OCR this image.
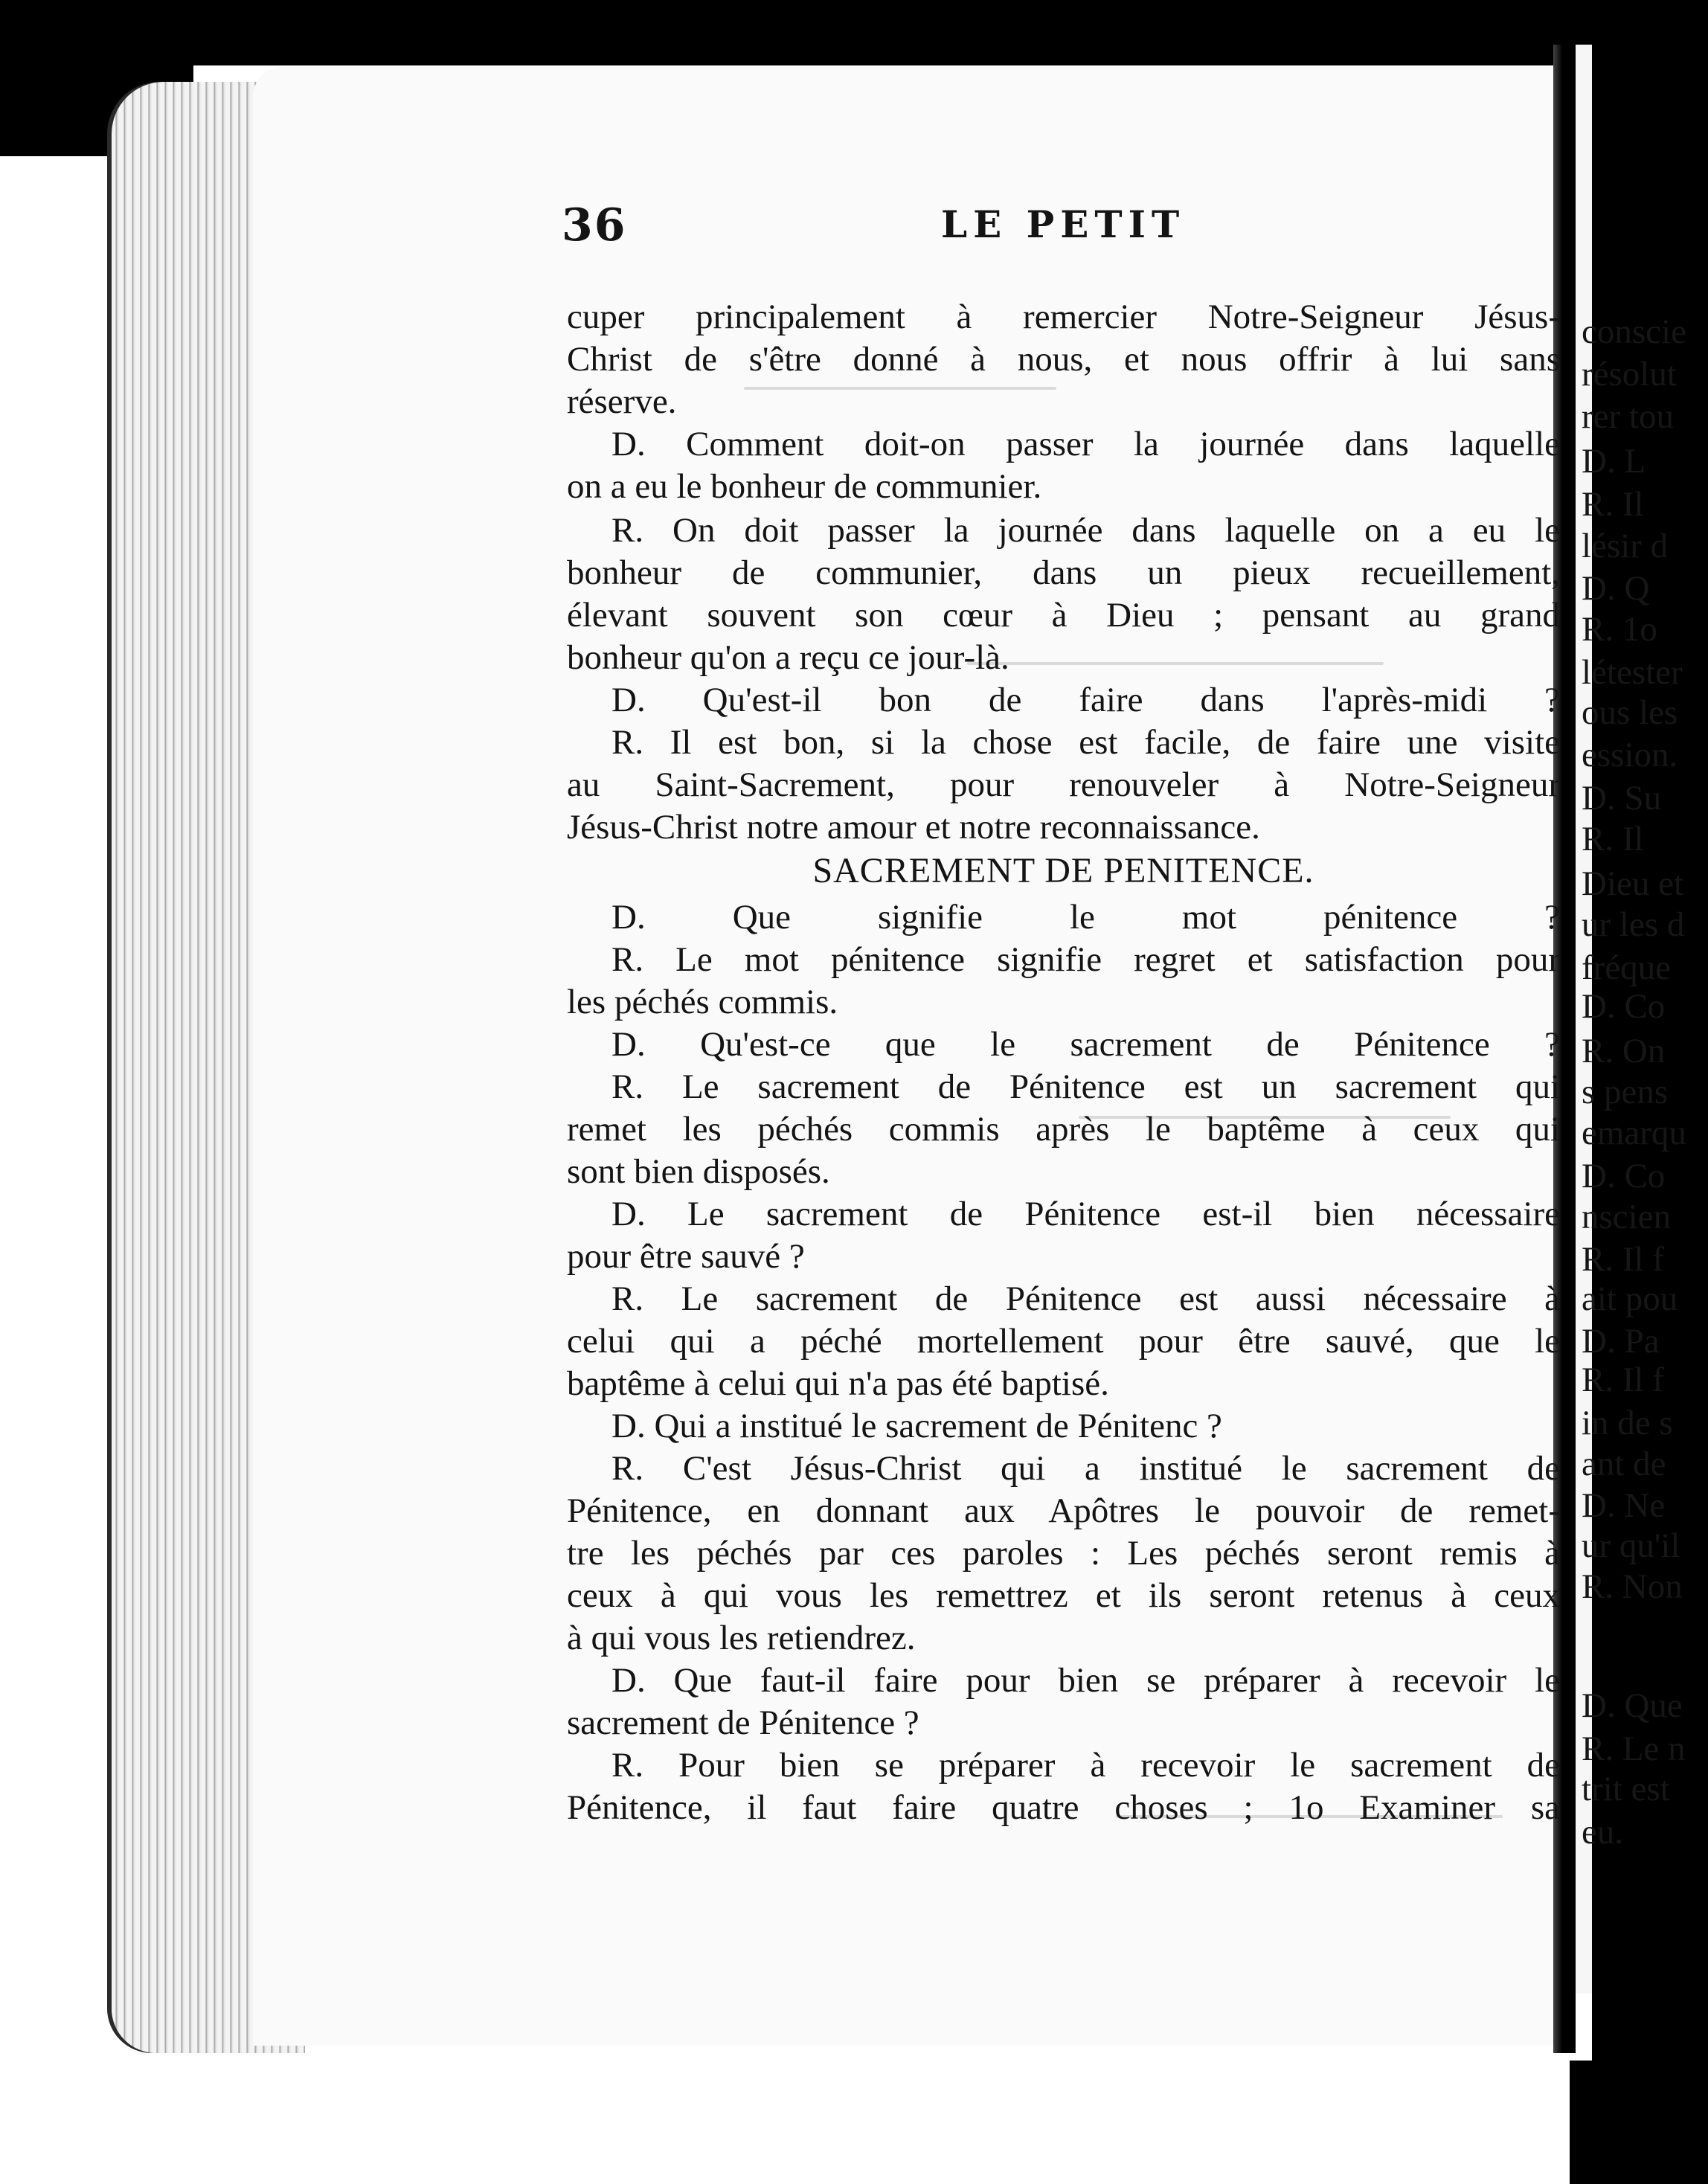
36	LE PETIT
cuper principalement à remercier Notre-Seigneur Jésus-
Christ de s'être donné à nous, et nous offrir à lui sans
réserve.
D. Comment doit-on passer la journée dans laquelle
on a eu le bonheur de communier.
R. On doit passer la journée dans laquelle on a eu le
bonheur de communier, dans un pieux recueillement,
élevant souvent son cœur à Dieu ; pensant au grand
bonheur qu'on a reçu ce jour-là.
D. Qu'est-il bon de faire dans l'après-midi ?
R. Il est bon, si la chose est facile, de faire une visite
au Saint-Sacrement, pour renouveler à Notre-Seigneur
Jésus-Christ notre amour et notre reconnaissance.
SACREMENT DE PENITENCE.
D. Que signifie le mot pénitence ?
R. Le mot pénitence signifie regret et satisfaction pour
les péchés commis.
D. Qu'est-ce que le sacrement de Pénitence ?
R. Le sacrement de Pénitence est un sacrement qui
remet les péchés commis après le baptême à ceux qui
sont bien disposés.
D. Le sacrement de Pénitence est-il bien nécessaire
pour être sauvé ?
R. Le sacrement de Pénitence est aussi nécessaire à
celui qui a péché mortellement pour être sauvé, que le
baptême à celui qui n'a pas été baptisé.
D. Qui a institué le sacrement de Pénitenc ?
R. C'est Jésus-Christ qui a institué le sacrement de
Pénitence, en donnant aux Apôtres le pouvoir de remet-
tre les péchés par ces paroles : Les péchés seront remis à
ceux à qui vous les remettrez et ils seront retenus à ceux
à qui vous les retiendrez.
D. Que faut-il faire pour bien se préparer à recevoir le
sacrement de Pénitence ?
R. Pour bien se préparer à recevoir le sacrement de
Pénitence, il faut faire quatre choses ; 1o Examiner sa
conscie
résolut
rer tou
D. L
R. Il
lésir d
D. Q
R. 1o
létester
ous les
ession.
D. Su
R. Il
Dieu et
ur les d
fréque
D. Co
R. On
s pens
emarqu
D. Co
nscien
R. Il f
ait pou
D. Pa
R. Il f
in de s
ant de
D. Ne
ur qu'il
R. Non
D. Que
R. Le n
trit est
eu.
